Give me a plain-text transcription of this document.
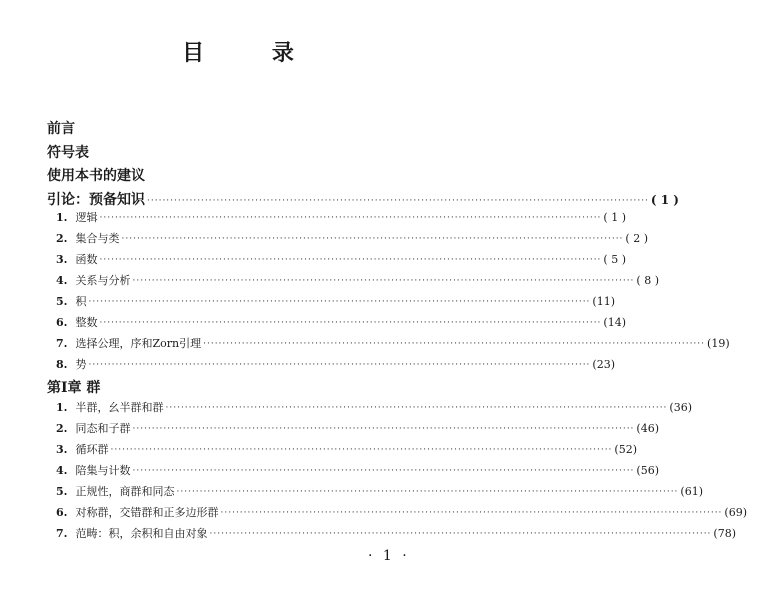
目 录
前言
符号表
使用本书的建议
引论：预备知识 ·································································································································· ( 1 )
1. 逻辑 ·································································································································· ( 1 )
2. 集合与类 ·································································································································· ( 2 )
3. 函数 ·································································································································· ( 5 )
4. 关系与分析 ·································································································································· ( 8 )
5. 积 ·································································································································· (11)
6. 整数 ·································································································································· (14)
7. 选择公理，序和Zorn引理 ·································································································································· (19)
8. 势 ·································································································································· (23)
第I章 群
1. 半群，幺半群和群 ·································································································································· (36)
2. 同态和子群 ·································································································································· (46)
3. 循环群 ·································································································································· (52)
4. 陪集与计数 ·································································································································· (56)
5. 正规性，商群和同态 ·································································································································· (61)
6. 对称群，交错群和正多边形群 ·································································································································· (69)
7. 范畴：积，余积和自由对象 ·································································································································· (78)
· 1 ·
